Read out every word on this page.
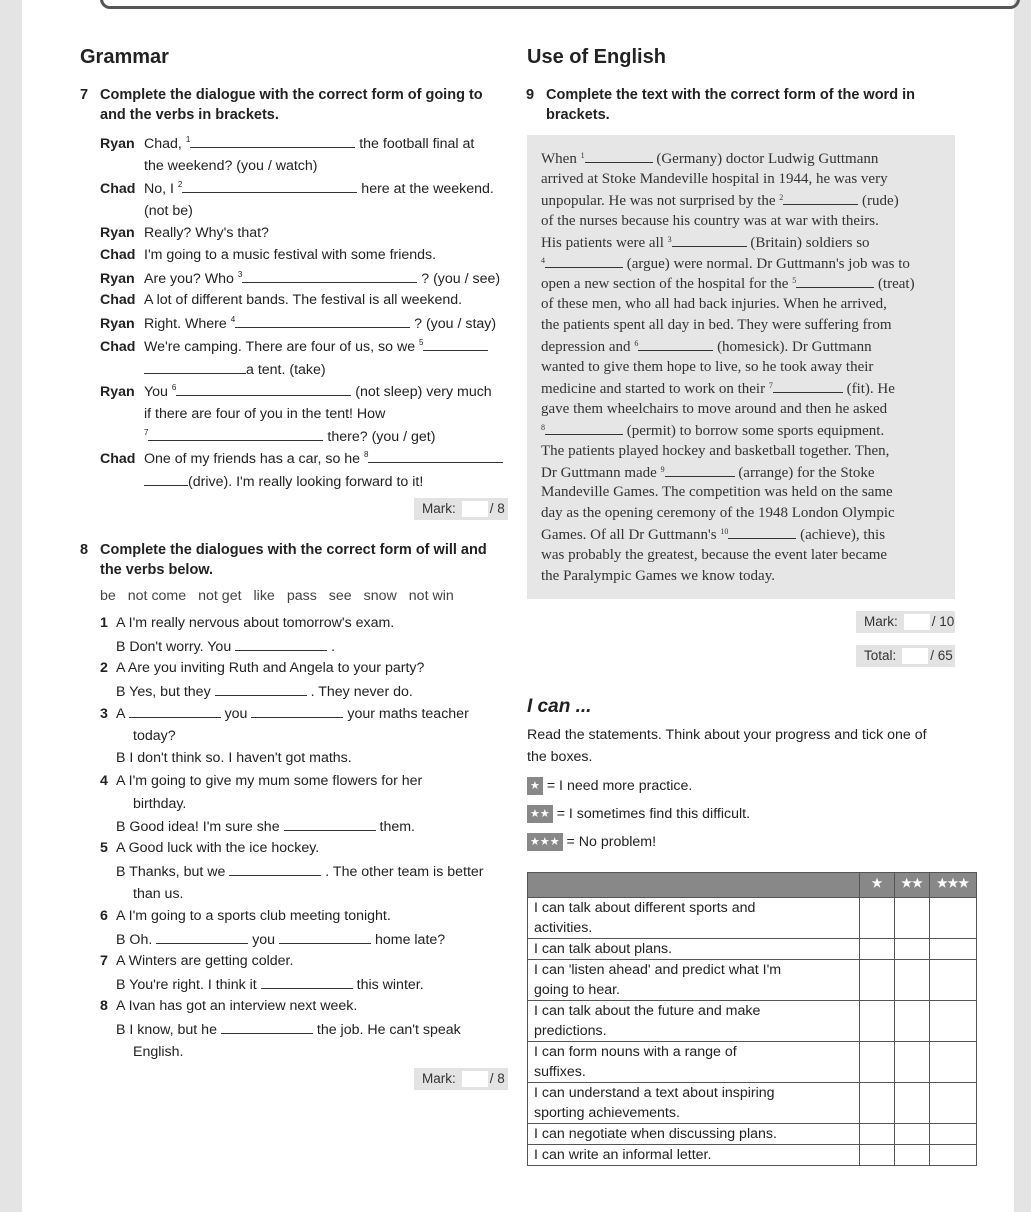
Grammar
7 Complete the dialogue with the correct form of going to
and the verbs in brackets.
Ryan Chad, $^1$	the football final at
the weekend? (you / watch)
Chad No, I $^2$	here at the weekend.
(not be)
Ryan Really? Why's that?
Chad I'm going to a music festival with some friends.
Ryan Are you? Who $^3$	? (you / see)
Chad A lot of different bands. The festival is all weekend.
Ryan Right. Where $^4$	? (you / stay)
Chad We're camping. There are four of us, so we $^5$
a tent. (take)
Ryan You $^6$	(not sleep) very much
if there are four of you in the tent! How
$^7$	there? (you / get)
Chad One of my friends has a car, so he $^8$
(drive). I'm really looking forward to it!
Mark:	/ 8
8 Complete the dialogues with the correct form of will and
the verbs below.
be not come not get like pass see snow not win
1 A I'm really nervous about tomorrow's exam.
B Don't worry. You	.
2 A Are you inviting Ruth and Angela to your party?
B Yes, but they	. They never do.
3 A	you	your maths teacher
today?
B I don't think so. I haven't got maths.
4 A I'm going to give my mum some flowers for her
birthday.
B Good idea! I'm sure she	them.
5 A Good luck with the ice hockey.
B Thanks, but we	. The other team is better
than us.
6 A I'm going to a sports club meeting tonight.
B Oh.	you	home late?
7 A Winters are getting colder.
B You're right. I think it	this winter.
8 A Ivan has got an interview next week.
B I know, but he	the job. He can't speak
English.
Mark:	/ 8
Use of English
9 Complete the text with the correct form of the word in
brackets.
When $^1$	(Germany) doctor Ludwig Guttmann
arrived at Stoke Mandeville hospital in 1944, he was very
unpopular. He was not surprised by the $^2$	(rude)
of the nurses because his country was at war with theirs.
His patients were all $^3$	(Britain) soldiers so
$^4$	(argue) were normal. Dr Guttmann's job was to
open a new section of the hospital for the $^5$	(treat)
of these men, who all had back injuries. When he arrived,
the patients spent all day in bed. They were suffering from
depression and $^6$	(homesick). Dr Guttmann
wanted to give them hope to live, so he took away their
medicine and started to work on their $^7$	(fit). He
gave them wheelchairs to move around and then he asked
$^8$	(permit) to borrow some sports equipment.
The patients played hockey and basketball together. Then,
Dr Guttmann made $^9$	(arrange) for the Stoke
Mandeville Games. The competition was held on the same
day as the opening ceremony of the 1948 London Olympic
Games. Of all Dr Guttmann's $^{10}$	(achieve), this
was probably the greatest, because the event later became
the Paralympic Games we know today.
Mark:	/ 10
Total:	/ 65
I can ...
Read the statements. Think about your progress and tick one of
the boxes.
★ = I need more practice.
★★ = I sometimes find this difficult.
★★★ = No problem!
	★	★★	★★★

I can talk about different sports and
activities.			

I can talk about plans.			

I can 'listen ahead' and predict what I'm
going to hear.			

I can talk about the future and make
predictions.			

I can form nouns with a range of
suffixes.			

I can understand a text about inspiring
sporting achievements.			

I can negotiate when discussing plans.			

I can write an informal letter.			
